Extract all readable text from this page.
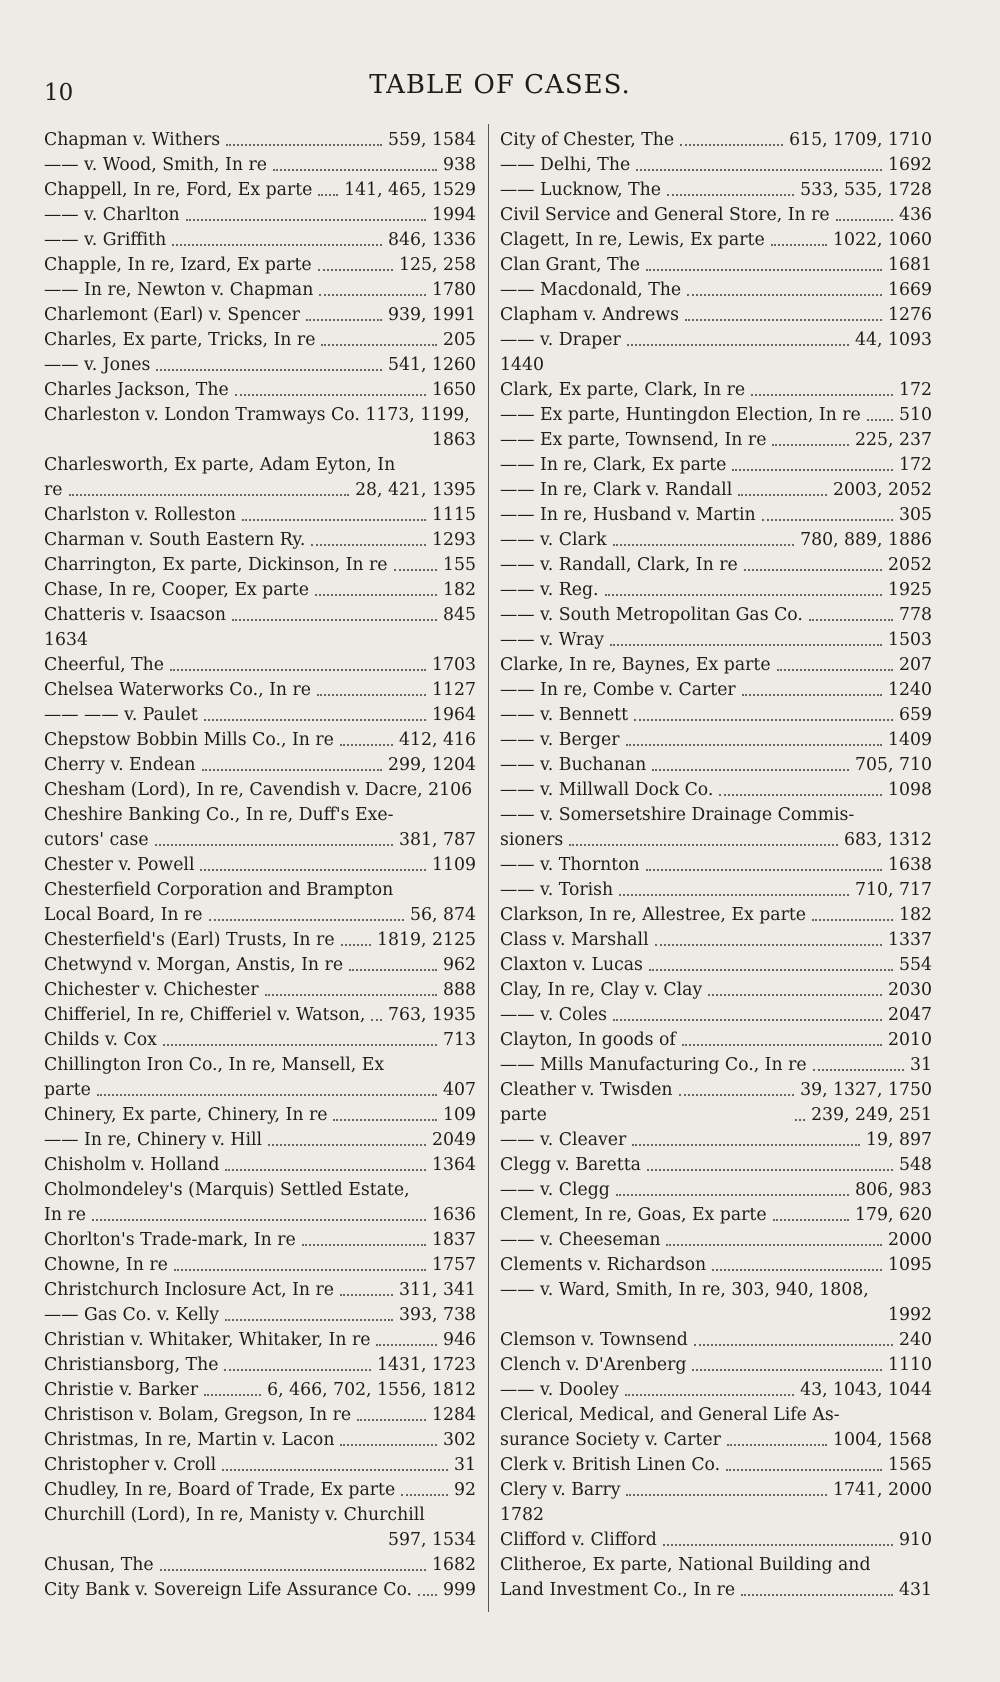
10	TABLE OF CASES.
Chapman v. Withers	559, 1584
—— v. Wood, Smith, In re	938
Chappell, In re, Ford, Ex parte 141, 465, 1529
—— v. Charlton	1994
—— v. Griffith	846, 1336
Chapple, In re, Izard, Ex parte	125, 258
—— In re, Newton v. Chapman	1780
Charlemont (Earl) v. Spencer	939, 1991
Charles, Ex parte, Tricks, In re	205
—— v. Jones	541, 1260
Charles Jackson, The	1650
Charleston v. London Tramways Co. 1173, 1199,
1863
Charlesworth, Ex parte, Adam Eyton, In
re	28, 421, 1395
Charlston v. Rolleston	1115
Charman v. South Eastern Ry.	1293
Charrington, Ex parte, Dickinson, In re	155
Chase, In re, Cooper, Ex parte	182
Chatteris v. Isaacson	845
1634
Cheerful, The	1703
Chelsea Waterworks Co., In re	1127
—— —— v. Paulet	1964
Chepstow Bobbin Mills Co., In re	412, 416
Cherry v. Endean	299, 1204
Chesham (Lord), In re, Cavendish v. Dacre, 2106
Cheshire Banking Co., In re, Duff's Exe-
cutors' case	381, 787
Chester v. Powell	1109
Chesterfield Corporation and Brampton
Local Board, In re	56, 874
Chesterfield's (Earl) Trusts, In re 1819, 2125
Chetwynd v. Morgan, Anstis, In re	962
Chichester v. Chichester	888
Chifferiel, In re, Chifferiel v. Watson, 763, 1935
Childs v. Cox	713
Chillington Iron Co., In re, Mansell, Ex
parte	407
Chinery, Ex parte, Chinery, In re	109
—— In re, Chinery v. Hill	2049
Chisholm v. Holland	1364
Cholmondeley's (Marquis) Settled Estate,
In re	1636
Chorlton's Trade-mark, In re	1837
Chowne, In re	1757
Christchurch Inclosure Act, In re	311, 341
—— Gas Co. v. Kelly	393, 738
Christian v. Whitaker, Whitaker, In re	946
Christiansborg, The	1431, 1723
Christie v. Barker	6, 466, 702, 1556, 1812
Christison v. Bolam, Gregson, In re	1284
Christmas, In re, Martin v. Lacon	302
Christopher v. Croll	31
Chudley, In re, Board of Trade, Ex parte	92
Churchill (Lord), In re, Manisty v. Churchill
597, 1534
Chusan, The	1682
City Bank v. Sovereign Life Assurance Co. 999
City of Chester, The	615, 1709, 1710
—— Delhi, The	1692
—— Lucknow, The	533, 535, 1728
Civil Service and General Store, In re	436
Clagett, In re, Lewis, Ex parte	1022, 1060
Clan Grant, The	1681
—— Macdonald, The	1669
Clapham v. Andrews	1276
—— v. Draper	44, 1093
1440
Clark, Ex parte, Clark, In re	172
—— Ex parte, Huntingdon Election, In re 510
—— Ex parte, Townsend, In re	225, 237
—— In re, Clark, Ex parte	172
—— In re, Clark v. Randall	2003, 2052
—— In re, Husband v. Martin	305
—— v. Clark	780, 889, 1886
—— v. Randall, Clark, In re	2052
—— v. Reg.	1925
—— v. South Metropolitan Gas Co.	778
—— v. Wray	1503
Clarke, In re, Baynes, Ex parte	207
—— In re, Combe v. Carter	1240
—— v. Bennett	659
—— v. Berger	1409
—— v. Buchanan	705, 710
—— v. Millwall Dock Co.	1098
—— v. Somersetshire Drainage Commis-
sioners	683, 1312
—— v. Thornton	1638
—— v. Torish	710, 717
Clarkson, In re, Allestree, Ex parte	182
Class v. Marshall	1337
Claxton v. Lucas	554
Clay, In re, Clay v. Clay	2030
—— v. Coles	2047
Clayton, In goods of	2010
—— Mills Manufacturing Co., In re	31
Cleather v. Twisden	39, 1327, 1750
parte	239, 249, 251
—— v. Cleaver	19, 897
Clegg v. Baretta	548
—— v. Clegg	806, 983
Clement, In re, Goas, Ex parte	179, 620
—— v. Cheeseman	2000
Clements v. Richardson	1095
—— v. Ward, Smith, In re, 303, 940, 1808,
1992
Clemson v. Townsend	240
Clench v. D'Arenberg	1110
—— v. Dooley	43, 1043, 1044
Clerical, Medical, and General Life As-
surance Society v. Carter	1004, 1568
Clerk v. British Linen Co.	1565
Clery v. Barry	1741, 2000
1782
Clifford v. Clifford	910
Clitheroe, Ex parte, National Building and
Land Investment Co., In re	431
